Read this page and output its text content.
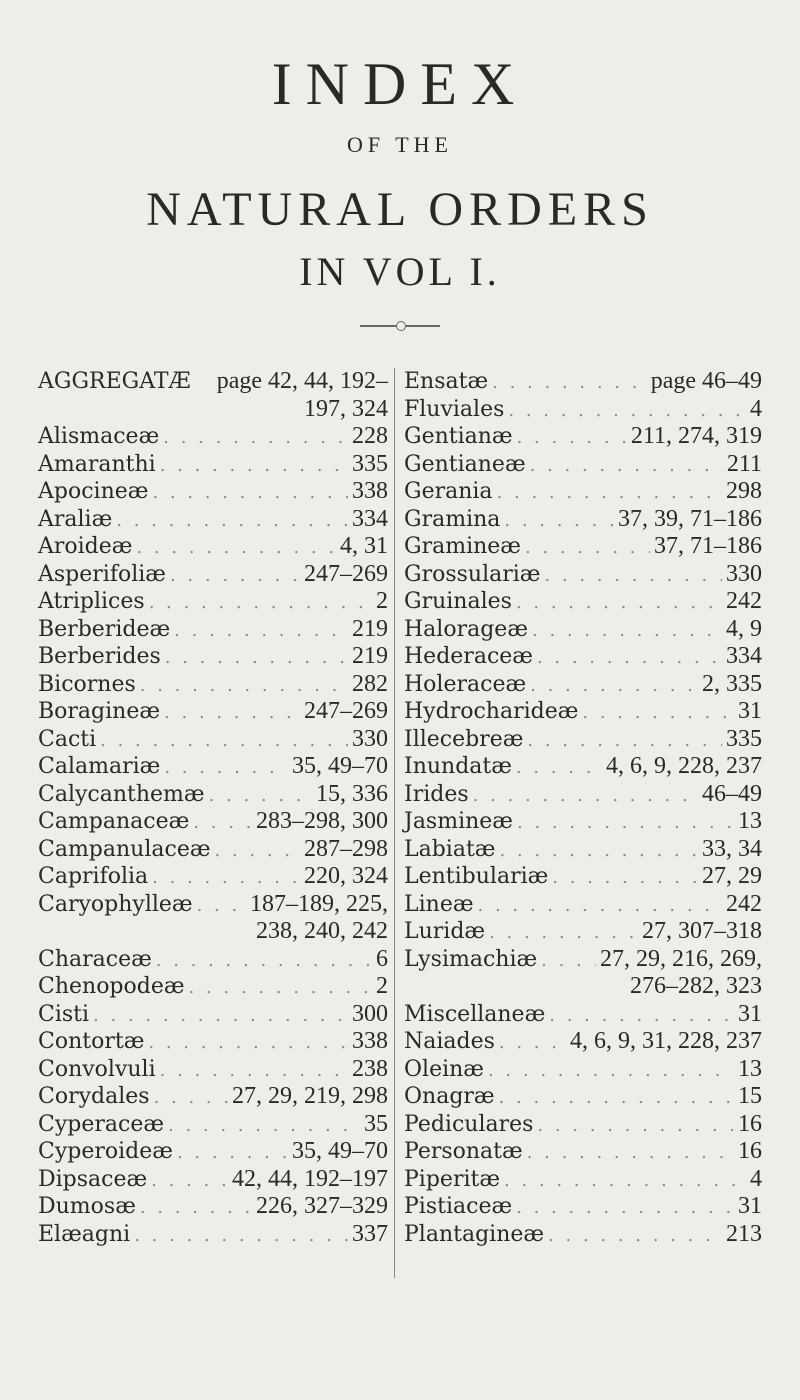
INDEX
OF THE
NATURAL ORDERS
IN VOL I.
AGGREGATÆ page 42, 44, 192–
197, 324
Alismaceæ . . .	228
Amaranthi . . .	335
Apocineæ . . .	338
Araliæ . . .	334
Aroideæ . . .	4, 31
Asperifoliæ . . .	247–269
Atriplices . . .	2
Berberideæ . . .	219
Berberides . . .	219
Bicornes . . .	282
Boragineæ . . .	247–269
Cacti . . .	330
Calamariæ . . .	35, 49–70
Calycanthemæ . . .	15, 336
Campanaceæ . . .	283–298, 300
Campanulaceæ . . .	287–298
Caprifolia . . .	220, 324
Caryophylleæ . . . 187–189, 225,
238, 240, 242
Characeæ . . .	6
Chenopodeæ . . .	2
Cisti . . .	300
Contortæ . . .	338
Convolvuli . . .	238
Corydales . . .	27, 29, 219, 298
Cyperaceæ . . .	35
Cyperoideæ . . .	35, 49–70
Dipsaceæ . . .	42, 44, 192–197
Dumosæ . . .	226, 327–329
Elæagni . . .	337
Ensatæ . . .	page 46–49
Fluviales . . .	4
Gentianæ . . .	211, 274, 319
Gentianeæ . . .	211
Gerania . . .	298
Gramina . . .	37, 39, 71–186
Gramineæ . . .	37, 71–186
Grossulariæ . . .	330
Gruinales . . .	242
Halorageæ . . .	4, 9
Hederaceæ . . .	334
Holeraceæ . . .	2, 335
Hydrocharideæ . . .	31
Illecebreæ . . .	335
Inundatæ . . .	4, 6, 9, 228, 237
Irides . . .	46–49
Jasmineæ . . .	13
Labiatæ . . .	33, 34
Lentibulariæ . . .	27, 29
Lineæ . . .	242
Luridæ . . .	27, 307–318
Lysimachiæ . . .	27, 29, 216, 269,
276–282, 323
Miscellaneæ . . .	31
Naiades . . .	4, 6, 9, 31, 228, 237
Oleinæ . . .	13
Onagræ . . .	15
Pediculares . . .	16
Personatæ . . .	16
Piperitæ . . .	4
Pistiaceæ . . .	31
Plantagineæ . . .	213
